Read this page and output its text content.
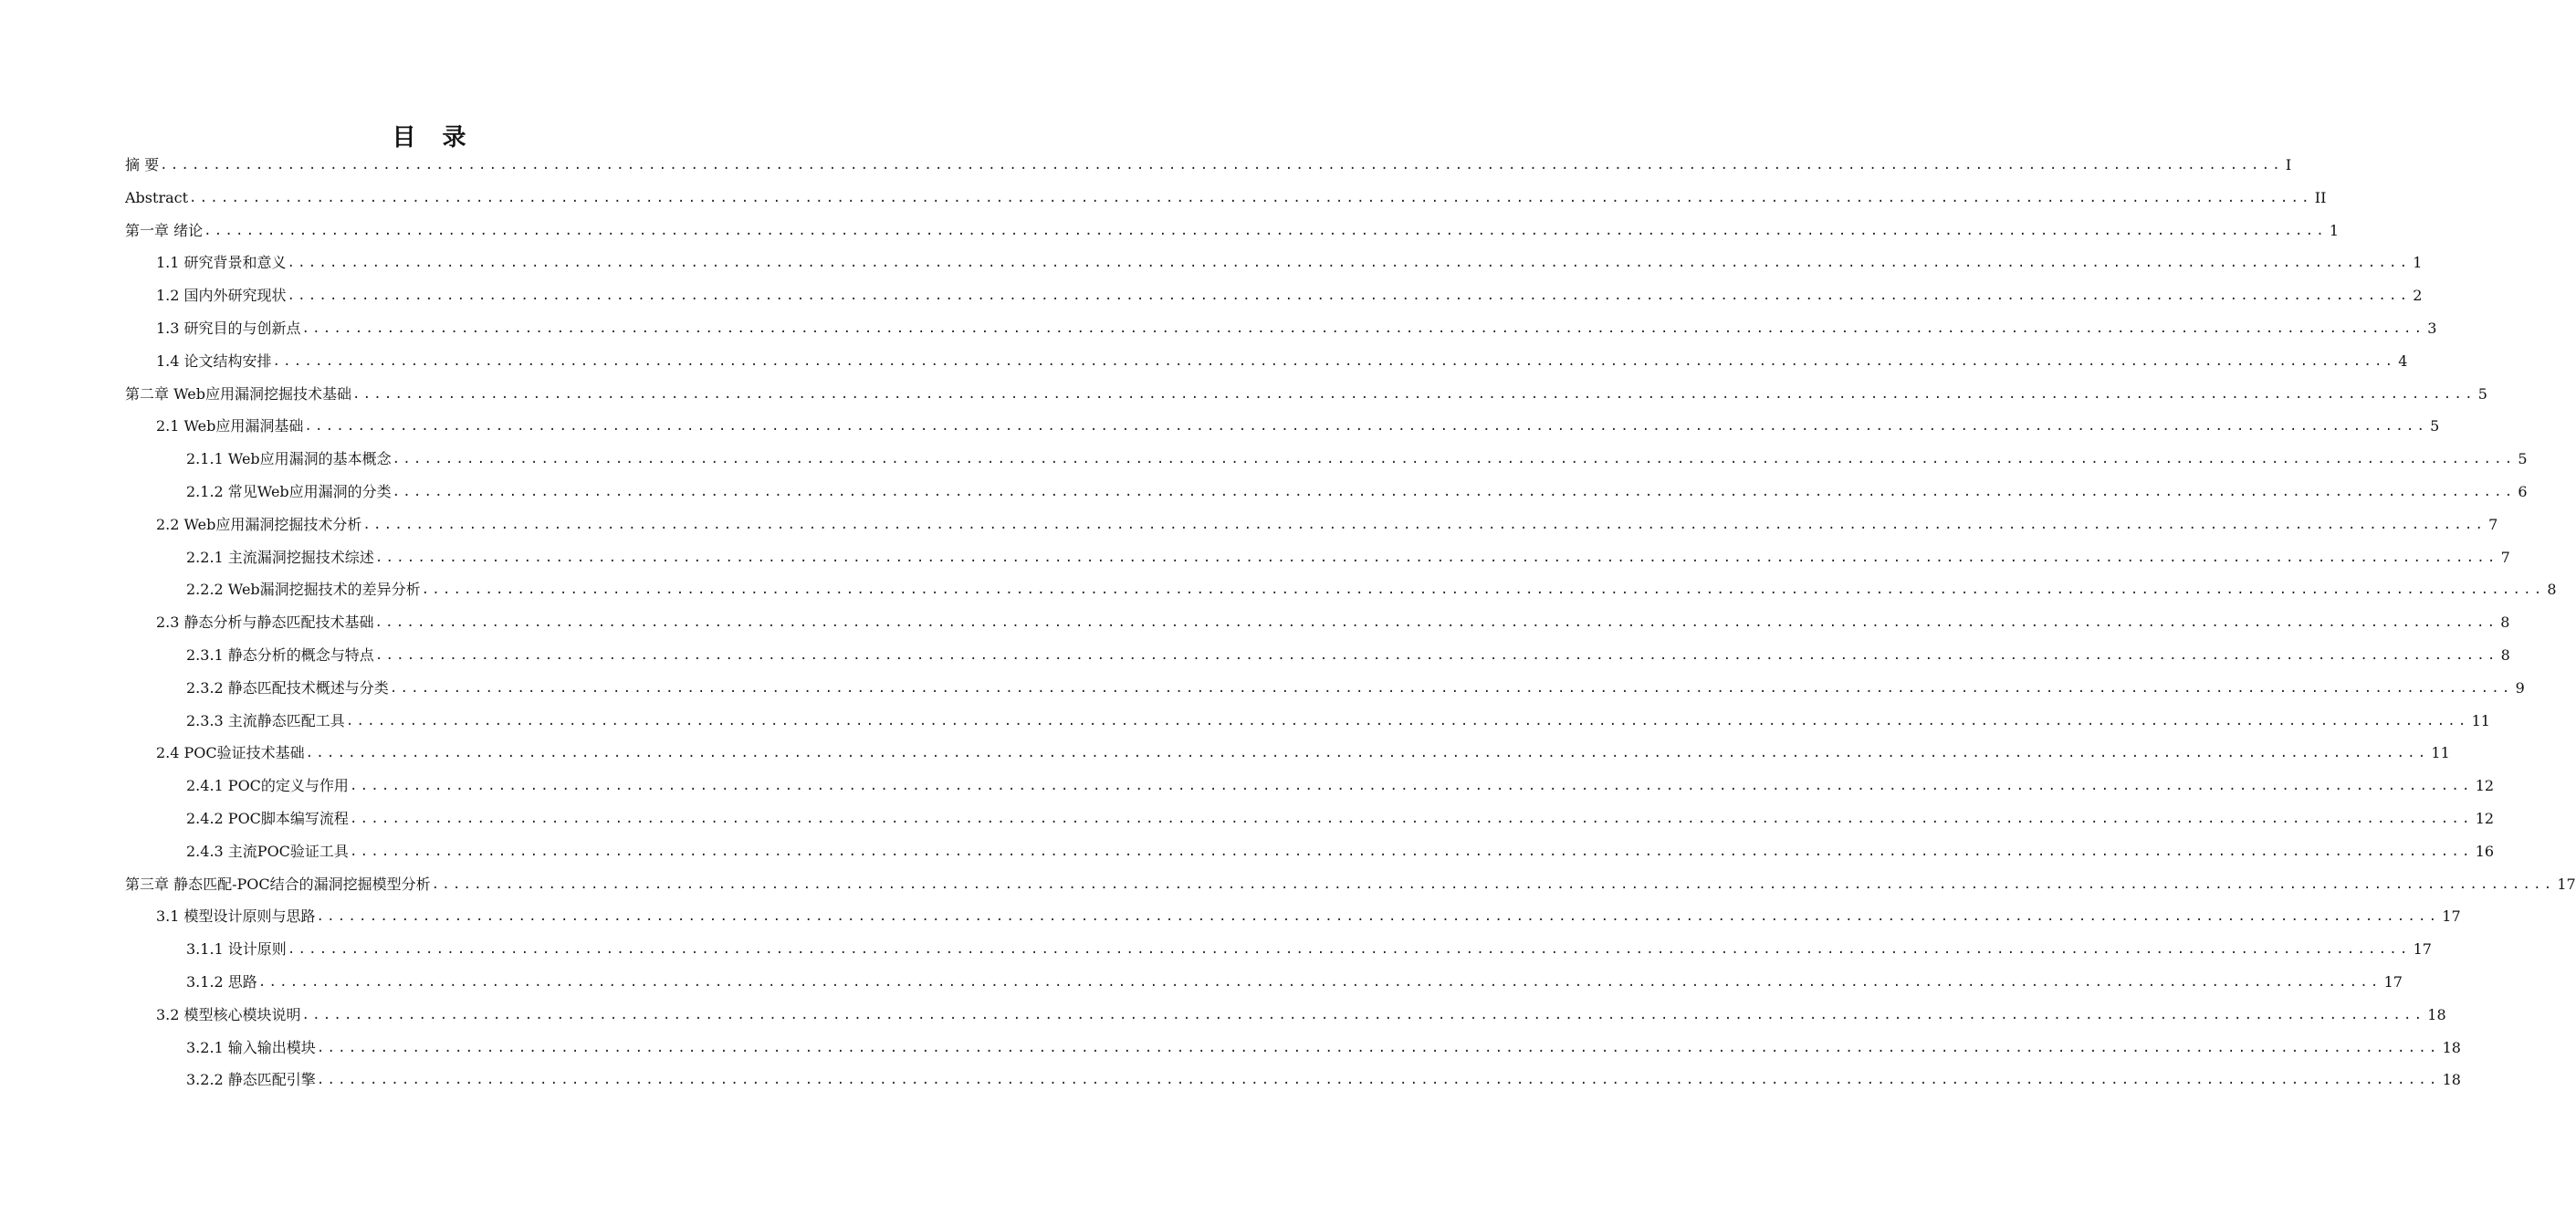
目 录
摘 要 ........................................................................................................................................................................................................ I
Abstract ........................................................................................................................................................................................................ II
第一章 绪论 ........................................................................................................................................................................................................ 1
1.1 研究背景和意义 ........................................................................................................................................................................................................ 1
1.2 国内外研究现状 ........................................................................................................................................................................................................ 2
1.3 研究目的与创新点 ........................................................................................................................................................................................................ 3
1.4 论文结构安排 ........................................................................................................................................................................................................ 4
第二章 Web应用漏洞挖掘技术基础 ........................................................................................................................................................................................................ 5
2.1 Web应用漏洞基础 ........................................................................................................................................................................................................ 5
2.1.1 Web应用漏洞的基本概念 ........................................................................................................................................................................................................ 5
2.1.2 常见Web应用漏洞的分类 ........................................................................................................................................................................................................ 6
2.2 Web应用漏洞挖掘技术分析 ........................................................................................................................................................................................................ 7
2.2.1 主流漏洞挖掘技术综述 ........................................................................................................................................................................................................ 7
2.2.2 Web漏洞挖掘技术的差异分析 ........................................................................................................................................................................................................ 8
2.3 静态分析与静态匹配技术基础 ........................................................................................................................................................................................................ 8
2.3.1 静态分析的概念与特点 ........................................................................................................................................................................................................ 8
2.3.2 静态匹配技术概述与分类 ........................................................................................................................................................................................................ 9
2.3.3 主流静态匹配工具 ........................................................................................................................................................................................................ 11
2.4 POC验证技术基础 ........................................................................................................................................................................................................ 11
2.4.1 POC的定义与作用 ........................................................................................................................................................................................................ 12
2.4.2 POC脚本编写流程 ........................................................................................................................................................................................................ 12
2.4.3 主流POC验证工具 ........................................................................................................................................................................................................ 16
第三章 静态匹配-POC结合的漏洞挖掘模型分析 ........................................................................................................................................................................................................ 17
3.1 模型设计原则与思路 ........................................................................................................................................................................................................ 17
3.1.1 设计原则 ........................................................................................................................................................................................................ 17
3.1.2 思路 ........................................................................................................................................................................................................ 17
3.2 模型核心模块说明 ........................................................................................................................................................................................................ 18
3.2.1 输入输出模块 ........................................................................................................................................................................................................ 18
3.2.2 静态匹配引擎 ........................................................................................................................................................................................................ 18
